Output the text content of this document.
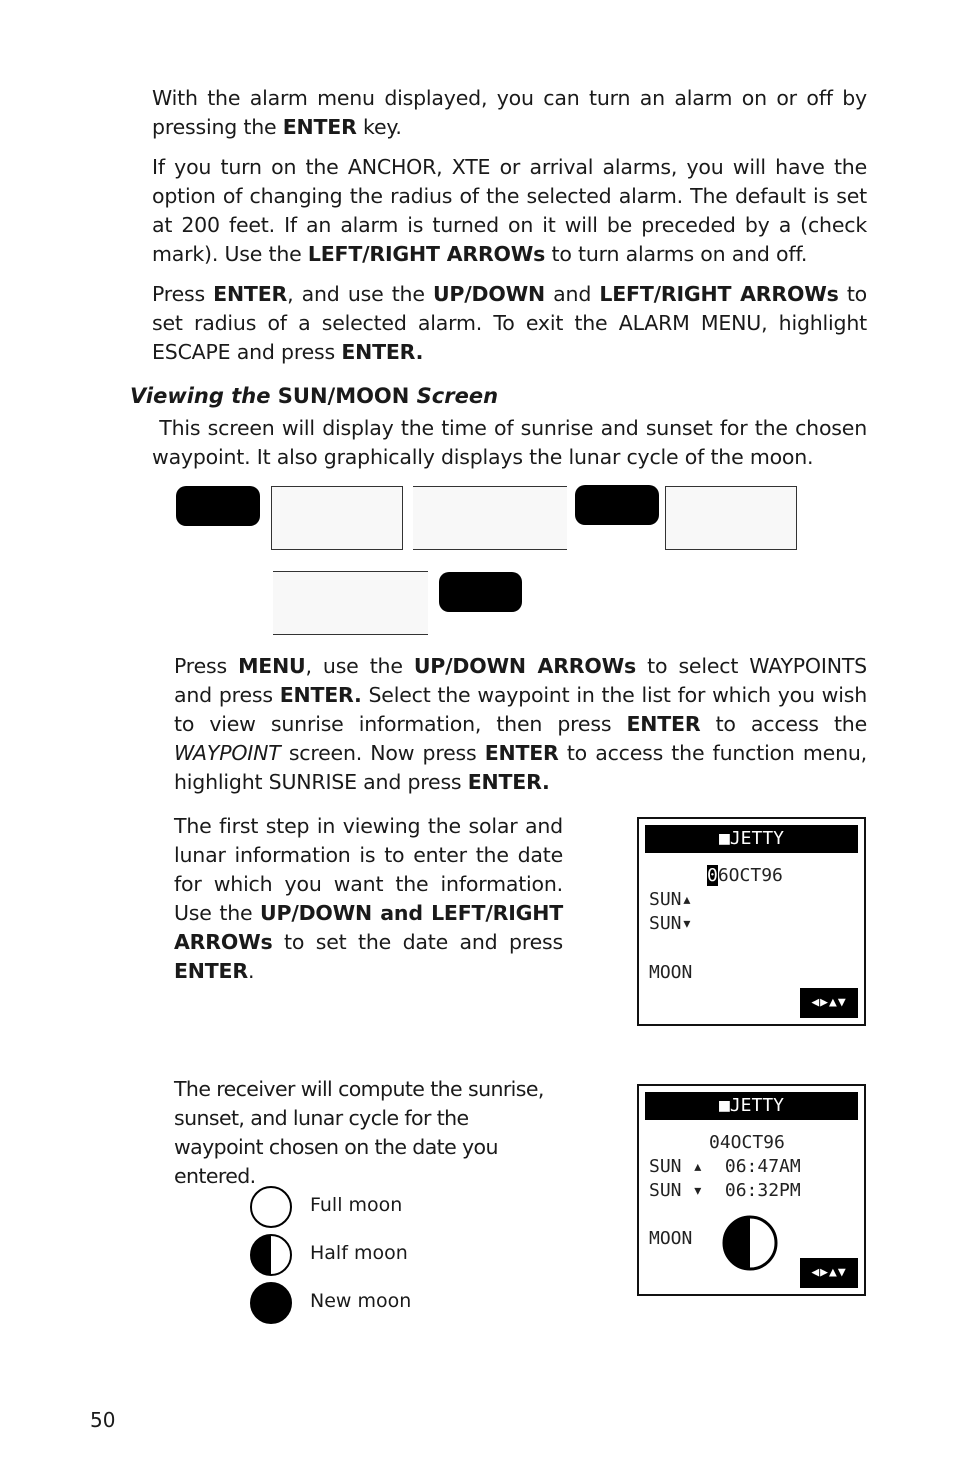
With the alarm menu displayed, you can turn an alarm on or off by pressing the ENTER key.

If you turn on the ANCHOR, XTE or arrival alarms, you will have the option of changing the radius of the selected alarm. The default is set at 200 feet. If an alarm is turned on it will be preceded by a (check mark). Use the LEFT/RIGHT ARROWs to turn alarms on and off.

Press ENTER, and use the UP/DOWN and LEFT/RIGHT ARROWs to set radius of a selected alarm. To exit the ALARM MENU, highlight ESCAPE and press ENTER.

Viewing the SUN/MOON Screen

This screen will display the time of sunrise and sunset for the chosen waypoint. It also graphically displays the lunar cycle of the moon.

Press MENU, use the UP/DOWN ARROWs to select WAYPOINTS and press ENTER. Select the waypoint in the list for which you wish to view sunrise information, then press ENTER to access the WAYPOINT screen. Now press ENTER to access the function menu, highlight SUNRISE and press ENTER.

The first step in viewing the solar and lunar information is to enter the date for which you want the information. Use the UP/DOWN and LEFT/RIGHT ARROWs to set the date and press ENTER.

■JETTY
06OCT96
SUN▴
SUN▾
MOON
◀▶▲▼

The receiver will compute the sunrise, sunset, and lunar cycle for the waypoint chosen on the date you entered.

■JETTY
04OCT96
SUN ▴  06:47AM
SUN ▾  06:32PM
MOON
◀▶▲▼
Full moon
Half moon
New moon
50
